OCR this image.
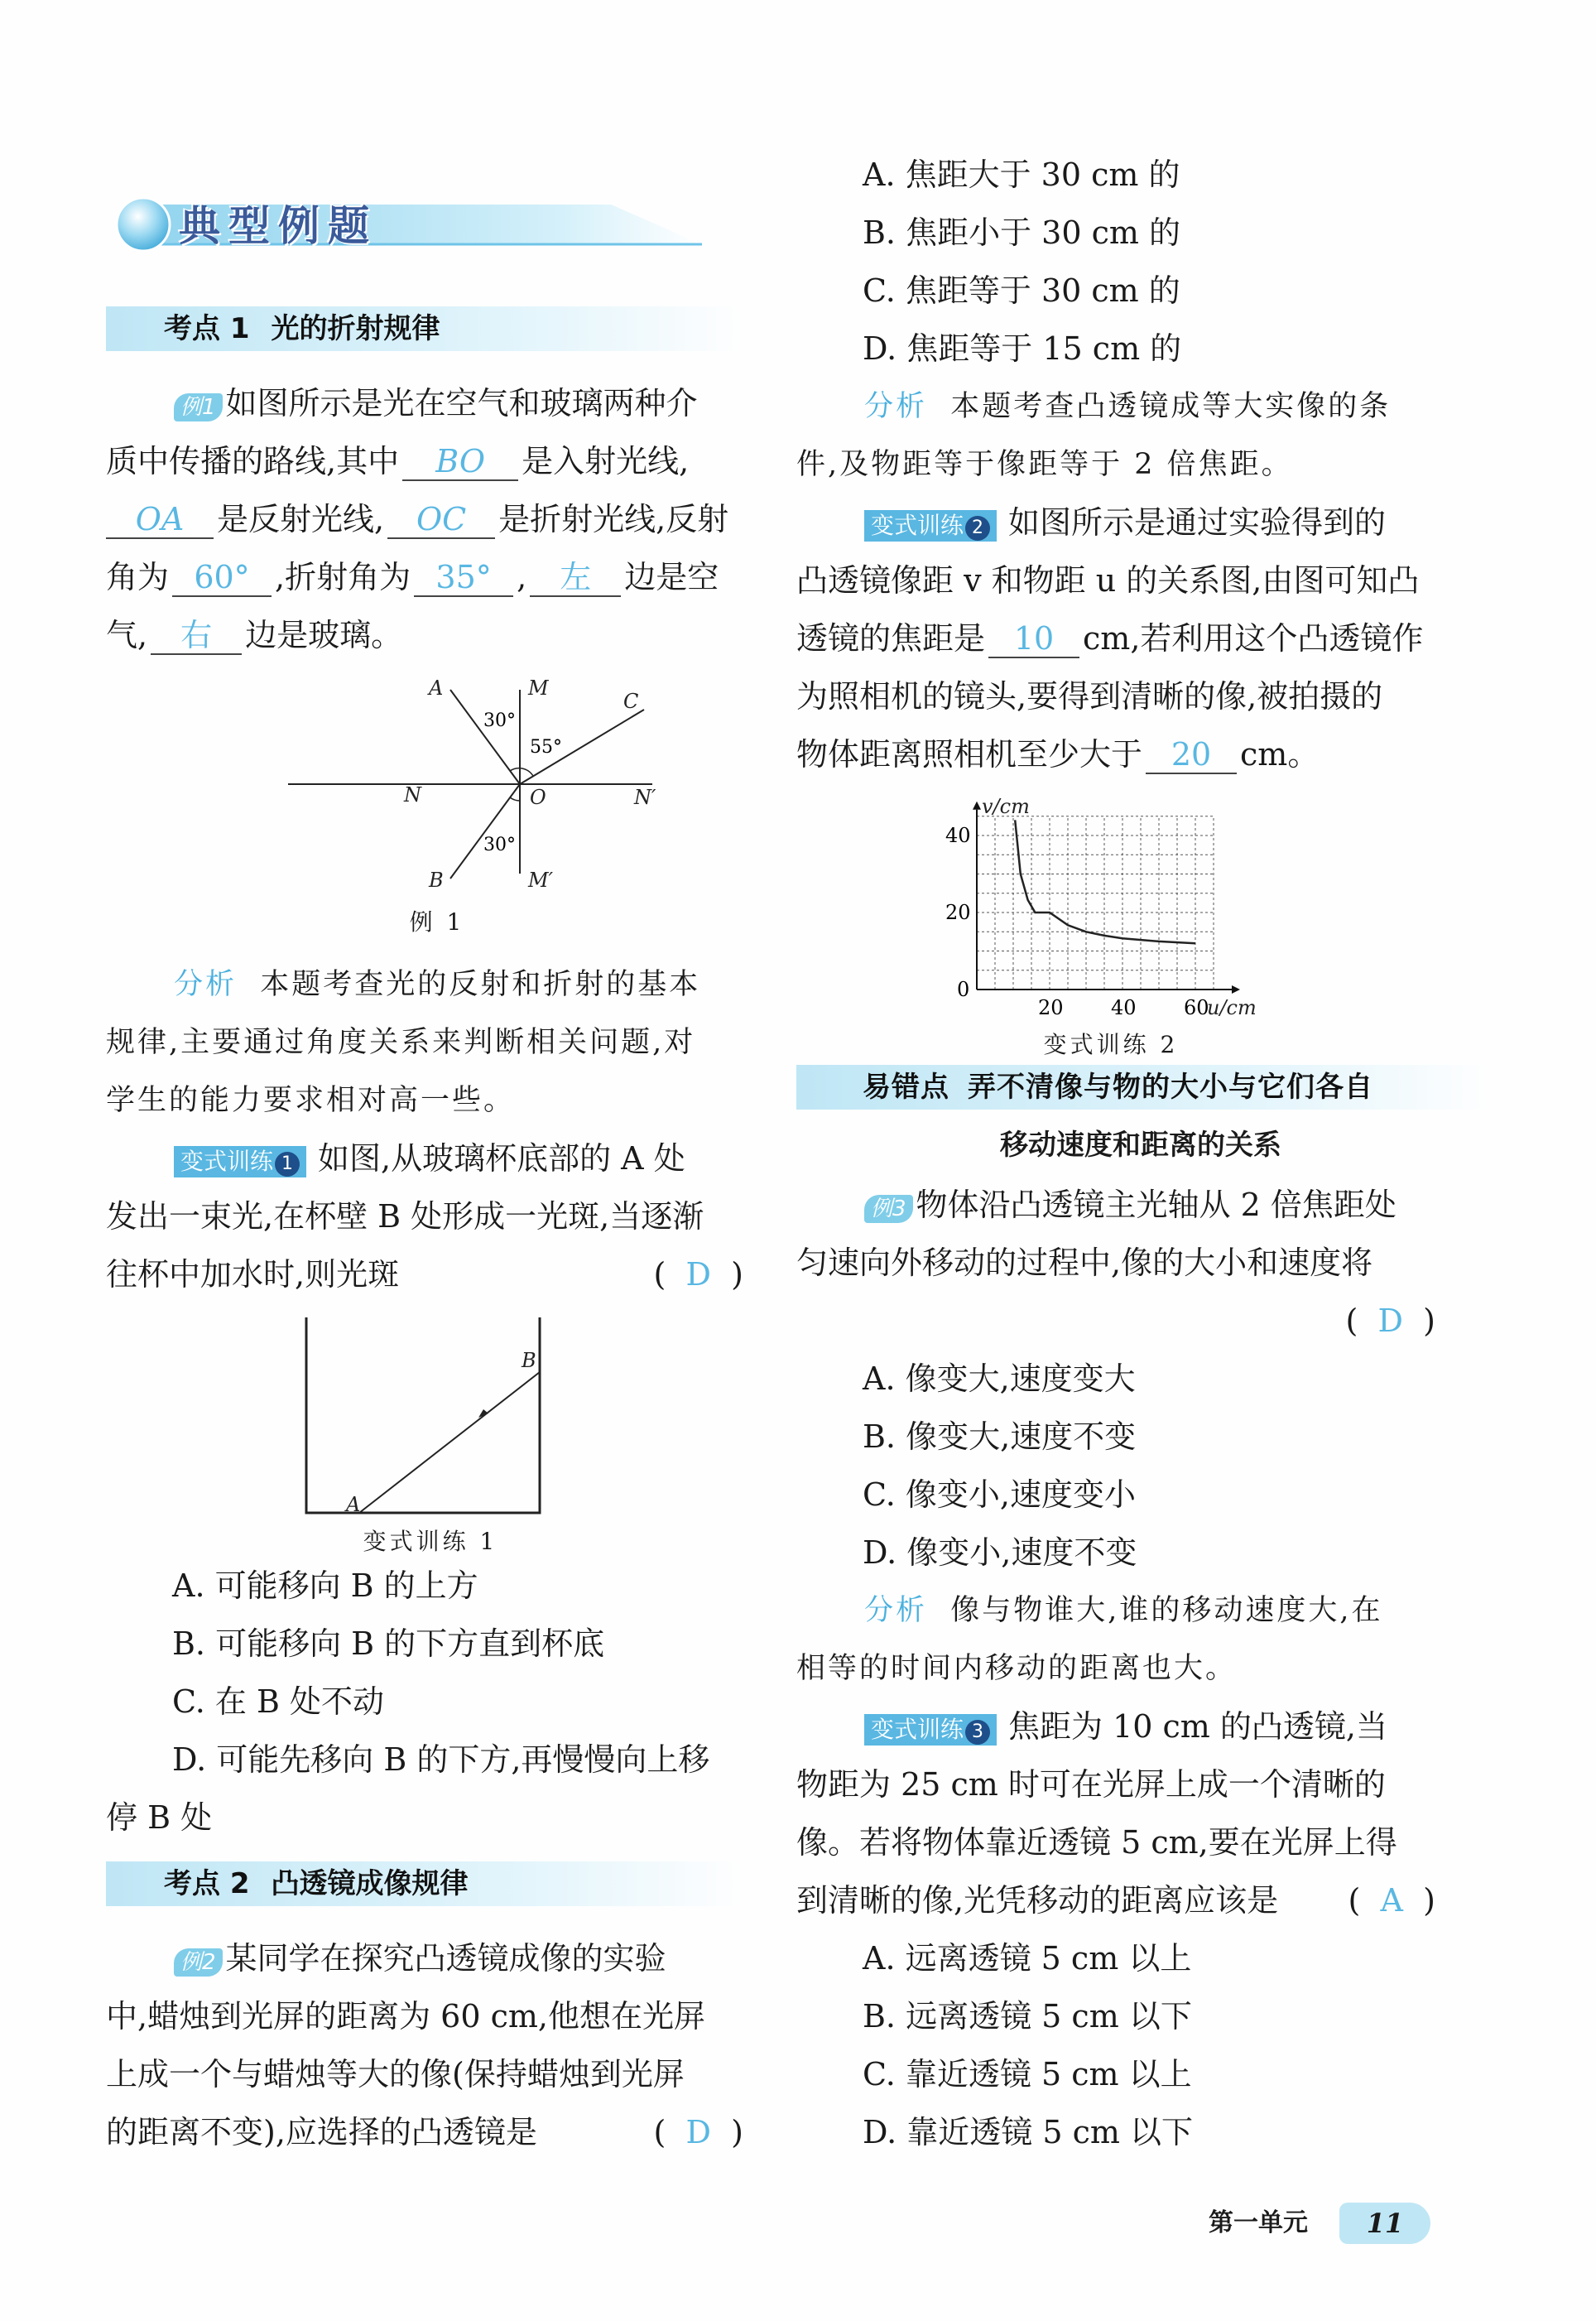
典型例题
考点 1 光的折射规律
例1 如图所示是光在空气和玻璃两种介
质中传播的路线,其中 BO 是入射光线,
OA 是反射光线, OC 是折射光线,反射
角为 60° ,折射角为 35° , 左 边是空
气, 右 边是玻璃。
A	M
C
N	O	N′
B	M′
30°
55°
30°
例 1
分析 本题考查光的反射和折射的基本
规律,主要通过角度关系来判断相关问题,对
学生的能力要求相对高一些。
变式训练 1 如图,从玻璃杯底部的 A 处
发出一束光,在杯壁 B 处形成一光斑,当逐渐
往杯中加水时,则光斑	( D )
A
B
变式训练 1
A. 可能移向 B 的上方
B. 可能移向 B 的下方直到杯底
C. 在 B 处不动
D. 可能先移向 B 的下方,再慢慢向上移
停 B 处
考点 2 凸透镜成像规律
例2 某同学在探究凸透镜成像的实验
中,蜡烛到光屏的距离为 60 cm,他想在光屏
上成一个与蜡烛等大的像(保持蜡烛到光屏
的距离不变),应选择的凸透镜是	( D )
A. 焦距大于 30 cm 的
B. 焦距小于 30 cm 的
C. 焦距等于 30 cm 的
D. 焦距等于 15 cm 的
分析 本题考查凸透镜成等大实像的条
件,及物距等于像距等于 2 倍焦距。
变式训练 2 如图所示是通过实验得到的
凸透镜像距 v 和物距 u 的关系图,由图可知凸
透镜的焦距是 10 cm,若利用这个凸透镜作
为照相机的镜头,要得到清晰的像,被拍摄的
物体距离照相机至少大于 20 cm。
20 40 60
20
40
u/cm
v/cm
0
变式训练 2
易错点 弄不清像与物的大小与它们各自
移动速度和距离的关系
例3 物体沿凸透镜主光轴从 2 倍焦距处
匀速向外移动的过程中,像的大小和速度将
( D )
A. 像变大,速度变大
B. 像变大,速度不变
C. 像变小,速度变小
D. 像变小,速度不变
分析 像与物谁大,谁的移动速度大,在
相等的时间内移动的距离也大。
变式训练 3 焦距为 10 cm 的凸透镜,当
物距为 25 cm 时可在光屏上成一个清晰的
像。若将物体靠近透镜 5 cm,要在光屏上得
到清晰的像,光凭移动的距离应该是 ( A )
A. 远离透镜 5 cm 以上
B. 远离透镜 5 cm 以下
C. 靠近透镜 5 cm 以上
D. 靠近透镜 5 cm 以下
第一单元	11
